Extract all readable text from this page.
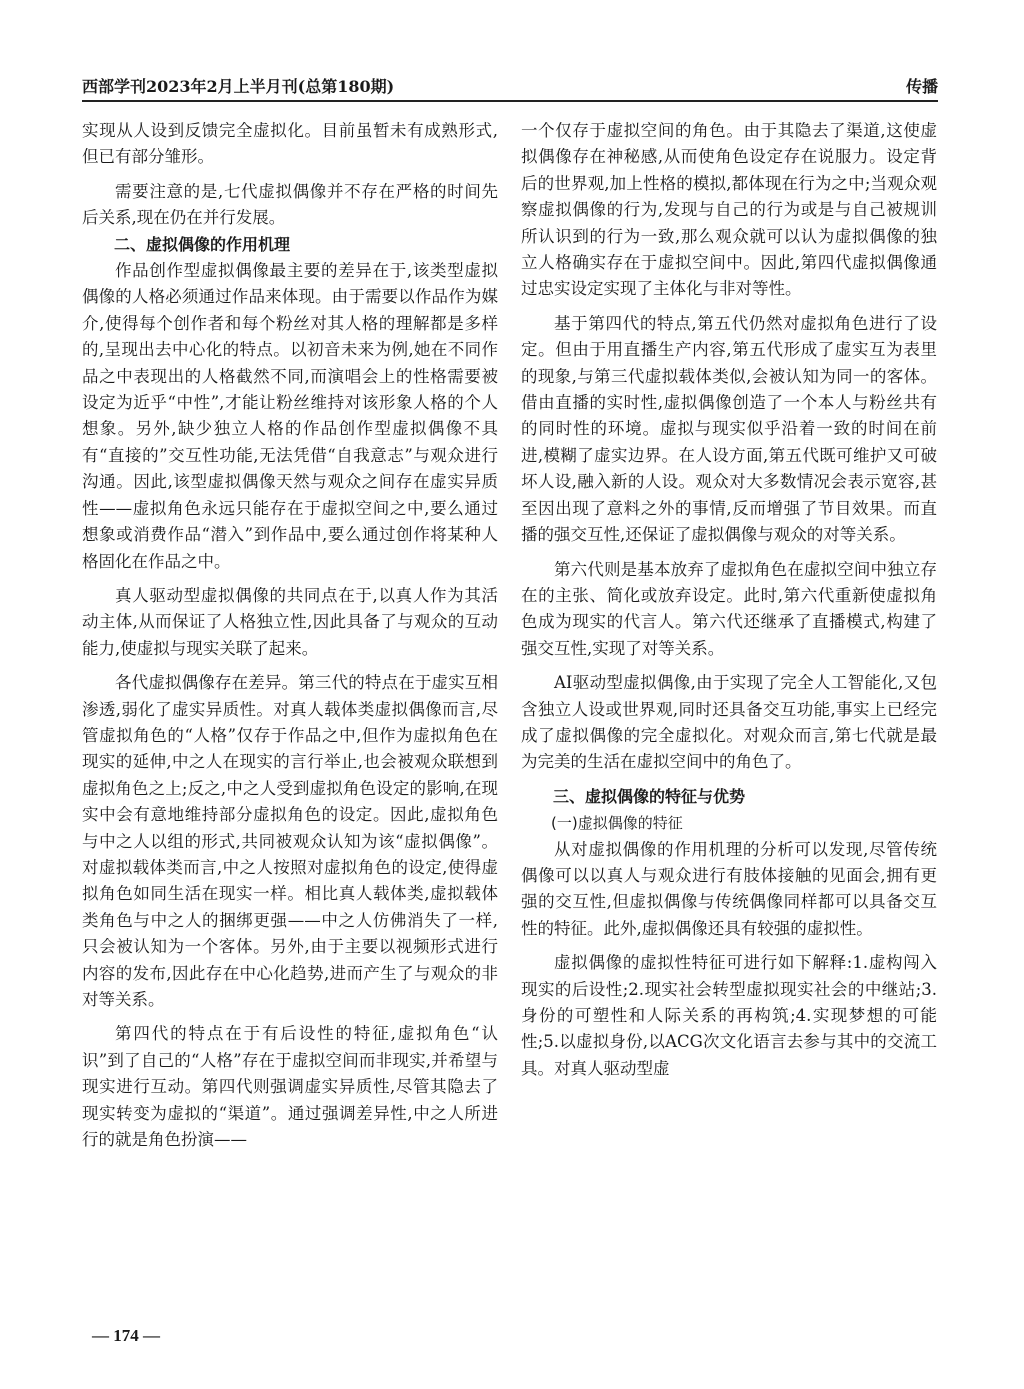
西部学刊2023年2月上半月刊(总第180期)	传播

实现从人设到反馈完全虚拟化。目前虽暂未有成熟形式,但已有部分雏形。

需要注意的是,七代虚拟偶像并不存在严格的时间先后关系,现在仍在并行发展。

二、虚拟偶像的作用机理

作品创作型虚拟偶像最主要的差异在于,该类型虚拟偶像的人格必须通过作品来体现。由于需要以作品作为媒介,使得每个创作者和每个粉丝对其人格的理解都是多样的,呈现出去中心化的特点。以初音未来为例,她在不同作品之中表现出的人格截然不同,而演唱会上的性格需要被设定为近乎“中性”,才能让粉丝维持对该形象人格的个人想象。另外,缺少独立人格的作品创作型虚拟偶像不具有“直接的”交互性功能,无法凭借“自我意志”与观众进行沟通。因此,该型虚拟偶像天然与观众之间存在虚实异质性——虚拟角色永远只能存在于虚拟空间之中,要么通过想象或消费作品“潜入”到作品中,要么通过创作将某种人格固化在作品之中。

真人驱动型虚拟偶像的共同点在于,以真人作为其活动主体,从而保证了人格独立性,因此具备了与观众的互动能力,使虚拟与现实关联了起来。

各代虚拟偶像存在差异。第三代的特点在于虚实互相渗透,弱化了虚实异质性。对真人载体类虚拟偶像而言,尽管虚拟角色的“人格”仅存于作品之中,但作为虚拟角色在现实的延伸,中之人在现实的言行举止,也会被观众联想到虚拟角色之上;反之,中之人受到虚拟角色设定的影响,在现实中会有意地维持部分虚拟角色的设定。因此,虚拟角色与中之人以组的形式,共同被观众认知为该“虚拟偶像”。对虚拟载体类而言,中之人按照对虚拟角色的设定,使得虚拟角色如同生活在现实一样。相比真人载体类,虚拟载体类角色与中之人的捆绑更强——中之人仿佛消失了一样,只会被认知为一个客体。另外,由于主要以视频形式进行内容的发布,因此存在中心化趋势,进而产生了与观众的非对等关系。

第四代的特点在于有后设性的特征,虚拟角色“认识”到了自己的“人格”存在于虚拟空间而非现实,并希望与现实进行互动。第四代则强调虚实异质性,尽管其隐去了现实转变为虚拟的“渠道”。通过强调差异性,中之人所进行的就是角色扮演——

一个仅存于虚拟空间的角色。由于其隐去了渠道,这使虚拟偶像存在神秘感,从而使角色设定存在说服力。设定背后的世界观,加上性格的模拟,都体现在行为之中;当观众观察虚拟偶像的行为,发现与自己的行为或是与自己被规训所认识到的行为一致,那么观众就可以认为虚拟偶像的独立人格确实存在于虚拟空间中。因此,第四代虚拟偶像通过忠实设定实现了主体化与非对等性。

基于第四代的特点,第五代仍然对虚拟角色进行了设定。但由于用直播生产内容,第五代形成了虚实互为表里的现象,与第三代虚拟载体类似,会被认知为同一的客体。借由直播的实时性,虚拟偶像创造了一个本人与粉丝共有的同时性的环境。虚拟与现实似乎沿着一致的时间在前进,模糊了虚实边界。在人设方面,第五代既可维护又可破坏人设,融入新的人设。观众对大多数情况会表示宽容,甚至因出现了意料之外的事情,反而增强了节目效果。而直播的强交互性,还保证了虚拟偶像与观众的对等关系。

第六代则是基本放弃了虚拟角色在虚拟空间中独立存在的主张、简化或放弃设定。此时,第六代重新使虚拟角色成为现实的代言人。第六代还继承了直播模式,构建了强交互性,实现了对等关系。

AI驱动型虚拟偶像,由于实现了完全人工智能化,又包含独立人设或世界观,同时还具备交互功能,事实上已经完成了虚拟偶像的完全虚拟化。对观众而言,第七代就是最为完美的生活在虚拟空间中的角色了。

三、虚拟偶像的特征与优势

(一)虚拟偶像的特征

从对虚拟偶像的作用机理的分析可以发现,尽管传统偶像可以以真人与观众进行有肢体接触的见面会,拥有更强的交互性,但虚拟偶像与传统偶像同样都可以具备交互性的特征。此外,虚拟偶像还具有较强的虚拟性。

虚拟偶像的虚拟性特征可进行如下解释:1.虚构闯入现实的后设性;2.现实社会转型虚拟现实社会的中继站;3.身份的可塑性和人际关系的再构筑;4.实现梦想的可能性;5.以虚拟身份,以ACG次文化语言去参与其中的交流工具。对真人驱动型虚

— 174 —
